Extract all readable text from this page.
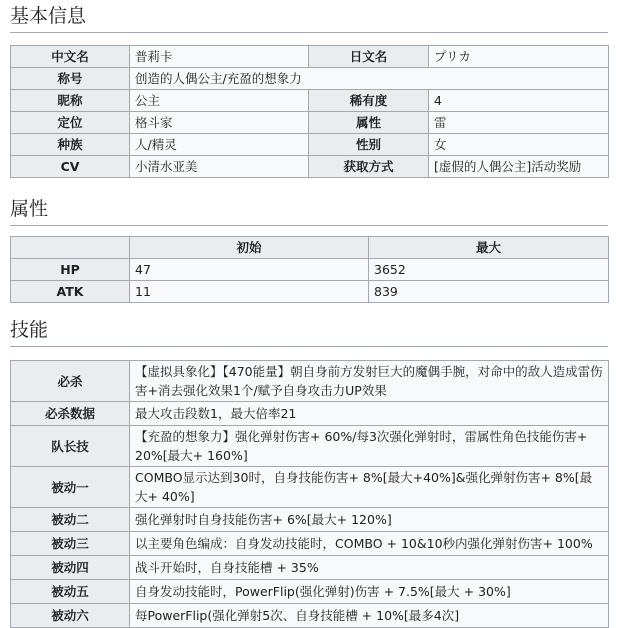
基本信息
中文名	普莉卡	日文名	プリカ
称号	创造的人偶公主/充盈的想象力		
昵称	公主	稀有度	4
定位	格斗家	属性	雷
种族	人/精灵	性别	女
CV	小清水亚美	获取方式	[虚假的人偶公主]活动奖励
属性
	初始	最大
HP	47	3652
ATK	11	839
技能
必杀	【虚拟具象化】【470能量】朝自身前方发射巨大的魔偶手腕，对命中的敌人造成雷伤害+消去强化效果1个/赋予自身攻击力UP效果
必杀数据	最大攻击段数1，最大倍率21
队长技	【充盈的想象力】强化弹射伤害+ 60%/每3次强化弹射时，雷属性角色技能伤害+ 20%[最大+ 160%]
被动一	COMBO显示达到30时，自身技能伤害+ 8%[最大+40%]&强化弹射伤害+ 8%[最大+ 40%]
被动二	强化弹射时自身技能伤害+ 6%[最大+ 120%]
被动三	以主要角色编成：自身发动技能时，COMBO + 10&10秒内强化弹射伤害+ 100%
被动四	战斗开始时，自身技能槽 + 35%
被动五	自身发动技能时，PowerFlip(强化弹射)伤害 + 7.5%[最大 + 30%]
被动六	每PowerFlip(强化弹射5次、自身技能槽 + 10%[最多4次]
